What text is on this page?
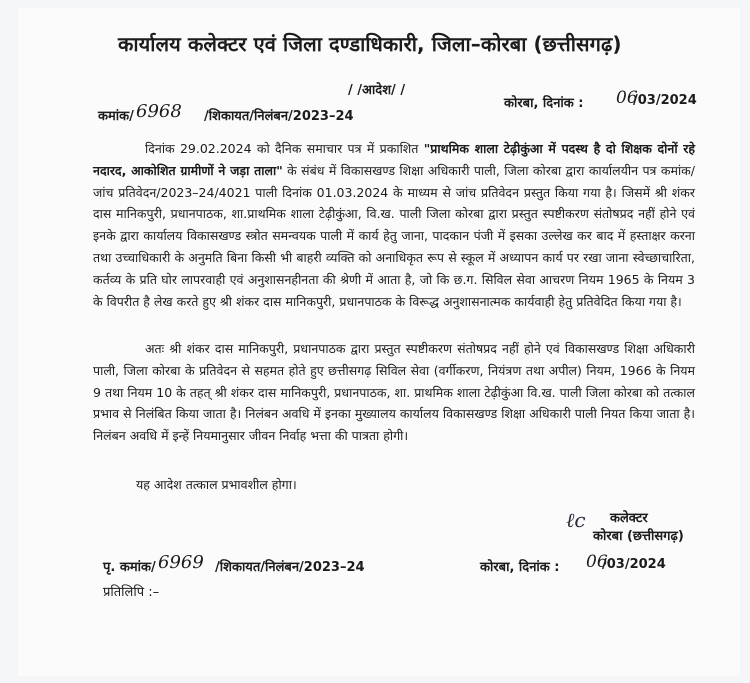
कार्यालय कलेक्टर एवं जिला दण्डाधिकारी, जिला–कोरबा (छत्तीसगढ़)
/ /आदेश/ /
कमांक/ 6968 /शिकायत/निलंबन/2023–24
कोरबा, दिनांक : 06
/03/2024
दिनांक 29.02.2024 को दैनिक समाचार पत्र में प्रकाशित "प्राथमिक शाला टेढ़ीकुंआ में पदस्थ है दो शिक्षक दोनों रहे नदारद, आकोशित ग्रामीणों ने जड़ा ताला" के संबंध में विकासखण्ड शिक्षा अधिकारी पाली, जिला कोरबा द्वारा कार्यालयीन पत्र कमांक/जांच प्रतिवेदन/2023–24/4021 पाली दिनांक 01.03.2024 के माध्यम से जांच प्रतिवेदन प्रस्तुत किया गया है। जिसमें श्री शंकर दास मानिकपुरी, प्रधानपाठक, शा.प्राथमिक शाला टेढ़ीकुंआ, वि.ख. पाली जिला कोरबा द्वारा प्रस्तुत स्पष्टीकरण संतोषप्रद नहीं होने एवं इनके द्वारा कार्यालय विकासखण्ड स्त्रोत समन्वयक पाली में कार्य हेतु जाना, पादकान पंजी में इसका उल्लेख कर बाद में हस्ताक्षर करना तथा उच्चाधिकारी के अनुमति बिना किसी भी बाहरी व्यक्ति को अनाधिकृत रूप से स्कूल में अध्यापन कार्य पर रखा जाना स्वेच्छाचारिता, कर्तव्य के प्रति घोर लापरवाही एवं अनुशासनहीनता की श्रेणी में आता है, जो कि छ.ग. सिविल सेवा आचरण नियम 1965 के नियम 3 के विपरीत है लेख करते हुए श्री शंकर दास मानिकपुरी, प्रधानपाठक के विरूद्ध अनुशासनात्मक कार्यवाही हेतु प्रतिवेदित किया गया है।
अतः श्री शंकर दास मानिकपुरी, प्रधानपाठक द्वारा प्रस्तुत स्पष्टीकरण संतोषप्रद नहीं होने एवं विकासखण्ड शिक्षा अधिकारी पाली, जिला कोरबा के प्रतिवेदन से सहमत होते हुए छत्तीसगढ़ सिविल सेवा (वर्गीकरण, नियंत्रण तथा अपील) नियम, 1966 के नियम 9 तथा नियम 10 के तहत् श्री शंकर दास मानिकपुरी, प्रधानपाठक, शा. प्राथमिक शाला टेढ़ीकुंआ वि.ख. पाली जिला कोरबा को तत्काल प्रभाव से निलंबित किया जाता है। निलंबन अवधि में इनका मुख्यालय कार्यालय विकासखण्ड शिक्षा अधिकारी पाली नियत किया जाता है। निलंबन अवधि में इन्हें नियमानुसार जीवन निर्वाह भत्ता की पात्रता होगी।
यह आदेश तत्काल प्रभावशील होगा।
ℓc कलेक्टर
कोरबा (छत्तीसगढ़)
पृ. कमांक/ 6969 /शिकायत/निलंबन/2023–24	कोरबा, दिनांक : 06
/03/2024
प्रतिलिपि :–
